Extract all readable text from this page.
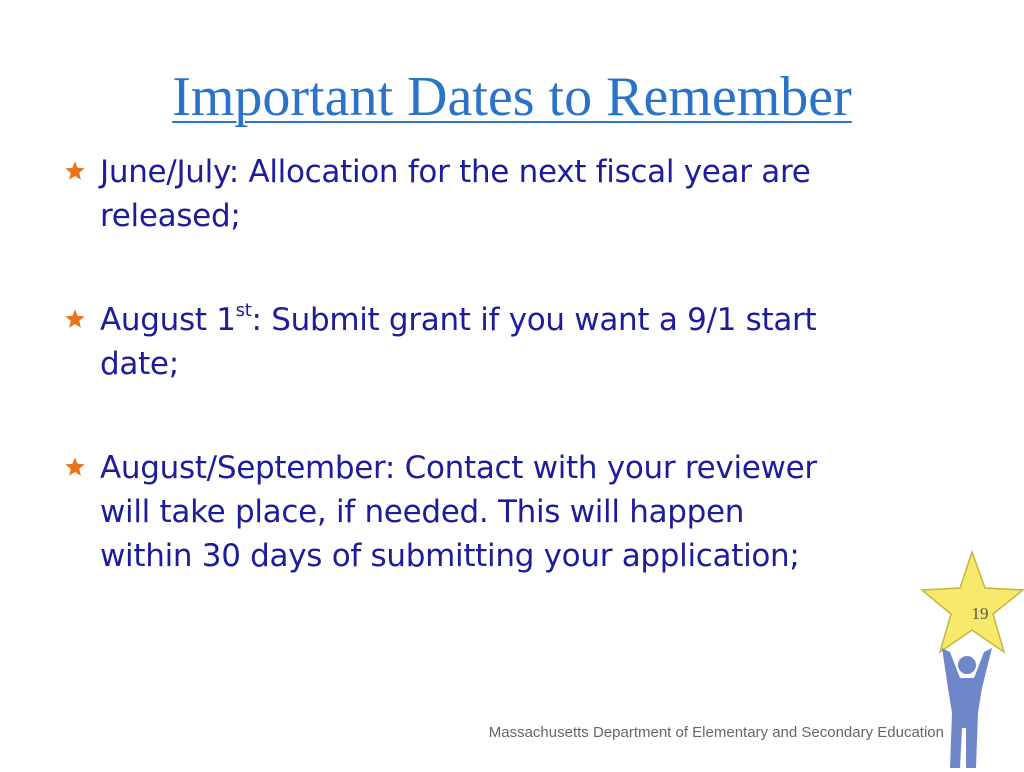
Important Dates to Remember
June/July: Allocation for the next fiscal year are
released;
August 1st: Submit grant if you want a 9/1 start
date;
August/September: Contact with your reviewer
will take place, if needed. This will happen
within 30 days of submitting your application;
19
Massachusetts Department of Elementary and Secondary Education
